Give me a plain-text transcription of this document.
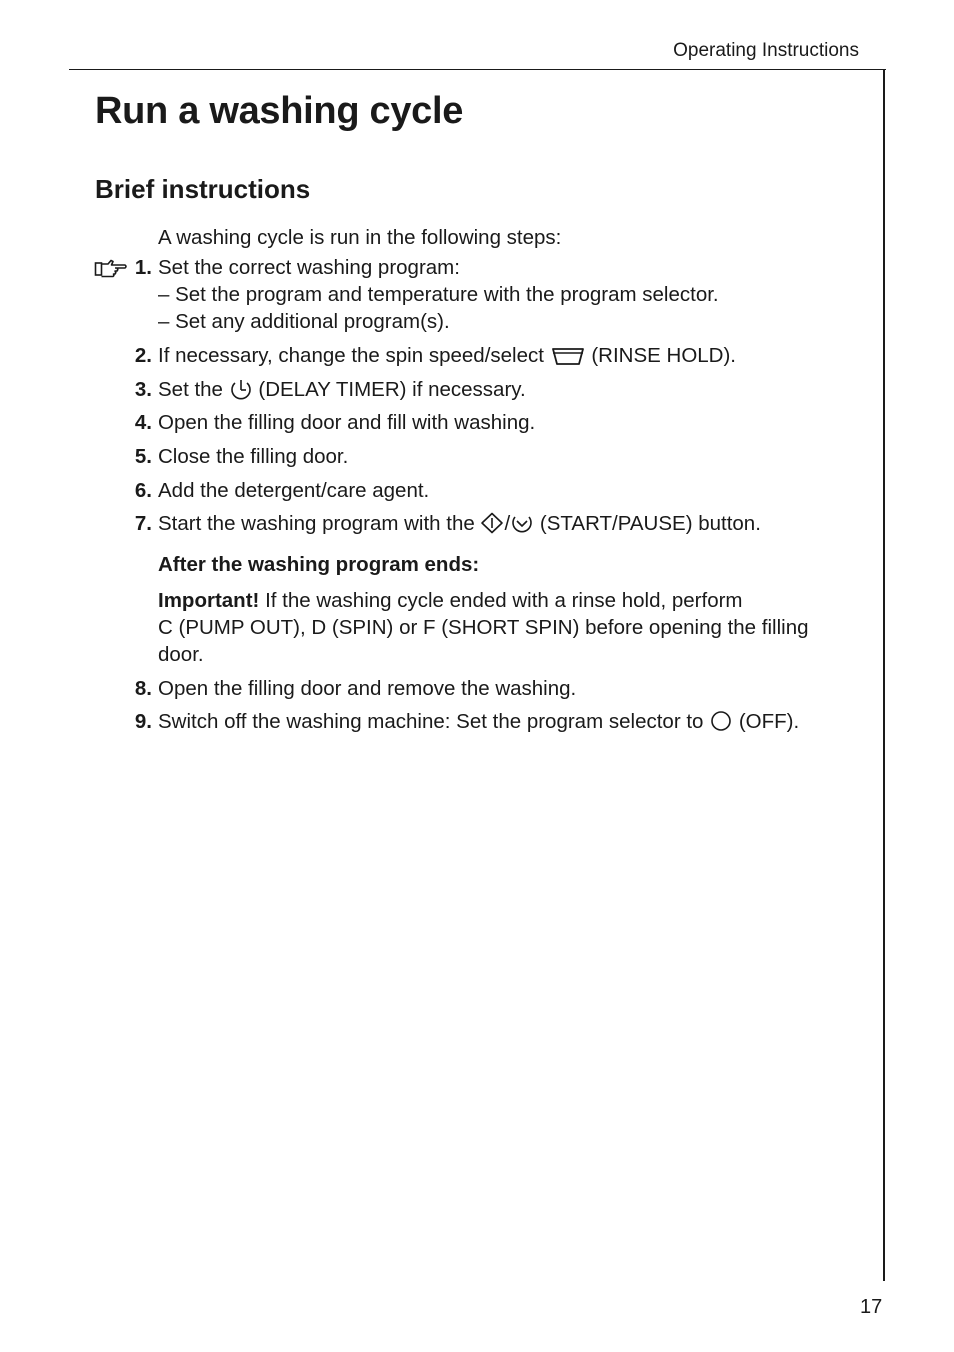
Operating Instructions
Run a washing cycle
Brief instructions
A washing cycle is run in the following steps:
1. Set the correct washing program:
– Set the program and temperature with the program selector.
– Set any additional program(s).
2. If necessary, change the spin speed/select (RINSE HOLD).
3. Set the (DELAY TIMER) if necessary.
4. Open the filling door and fill with washing.
5. Close the filling door.
6. Add the detergent/care agent.
7. Start the washing program with the / (START/PAUSE) button.
After the washing program ends:
Important! If the washing cycle ended with a rinse hold, perform
C (PUMP OUT), D (SPIN) or F (SHORT SPIN) before opening the filling
door.
8. Open the filling door and remove the washing.
9. Switch off the washing machine: Set the program selector to (OFF).
17
